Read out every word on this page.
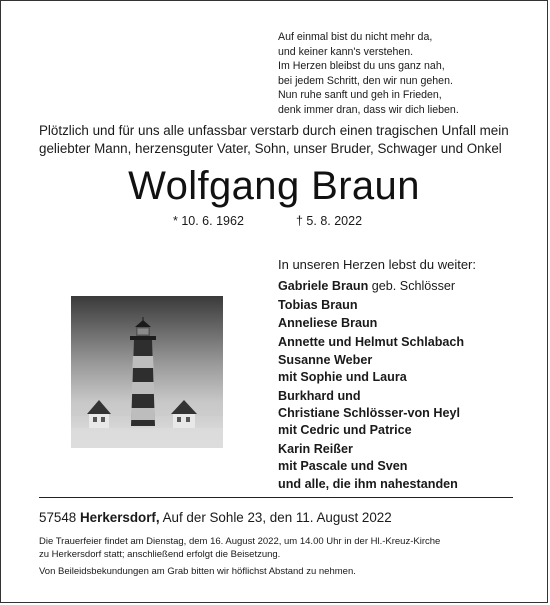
Auf einmal bist du nicht mehr da,
und keiner kann's verstehen.
Im Herzen bleibst du uns ganz nah,
bei jedem Schritt, den wir nun gehen.
Nun ruhe sanft und geh in Frieden,
denk immer dran, dass wir dich lieben.
Plötzlich und für uns alle unfassbar verstarb durch einen tragischen Unfall mein
geliebter Mann, herzensguter Vater, Sohn, unser Bruder, Schwager und Onkel
Wolfgang Braun
* 10. 6. 1962	† 5. 8. 2022
In unseren Herzen lebst du weiter:
Gabriele Braun geb. Schlösser
Tobias Braun
Anneliese Braun
Annette und Helmut Schlabach
Susanne Weber
mit Sophie und Laura
Burkhard und
Christiane Schlösser-von Heyl
mit Cedric und Patrice
Karin Reißer
mit Pascale und Sven
und alle, die ihm nahestanden
57548 Herkersdorf, Auf der Sohle 23, den 11. August 2022
Die Trauerfeier findet am Dienstag, dem 16. August 2022, um 14.00 Uhr in der Hl.-Kreuz-Kirche
zu Herkersdorf statt; anschließend erfolgt die Beisetzung.
Von Beileidsbekundungen am Grab bitten wir höflichst Abstand zu nehmen.
